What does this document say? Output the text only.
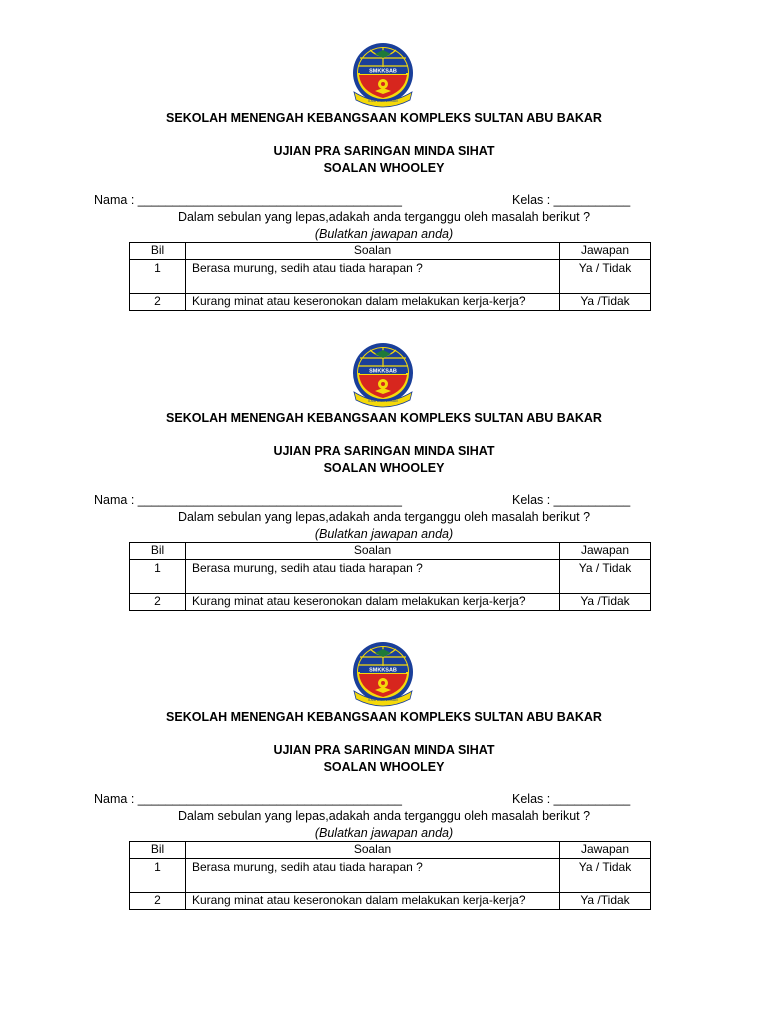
SMKKSAB
ILMU DIBENARKAN
SEKOLAH MENENGAH KEBANGSAAN KOMPLEKS SULTAN ABU BAKAR
UJIAN PRA SARINGAN MINDA SIHAT
SOALAN WHOOLEY
Nama : ______________________________________	Kelas : ___________
Dalam sebulan yang lepas,adakah anda terganggu oleh masalah berikut ?
(Bulatkan jawapan anda)
Bil	Soalan	Jawapan
1	Berasa murung, sedih atau tiada harapan ?	Ya / Tidak
2	Kurang minat atau keseronokan dalam melakukan kerja-kerja?	Ya /Tidak
SMKKSAB
ILMU DIBENARKAN
SEKOLAH MENENGAH KEBANGSAAN KOMPLEKS SULTAN ABU BAKAR
UJIAN PRA SARINGAN MINDA SIHAT
SOALAN WHOOLEY
Nama : ______________________________________	Kelas : ___________
Dalam sebulan yang lepas,adakah anda terganggu oleh masalah berikut ?
(Bulatkan jawapan anda)
Bil	Soalan	Jawapan
1	Berasa murung, sedih atau tiada harapan ?	Ya / Tidak
2	Kurang minat atau keseronokan dalam melakukan kerja-kerja?	Ya /Tidak
SMKKSAB
ILMU DIBENARKAN
SEKOLAH MENENGAH KEBANGSAAN KOMPLEKS SULTAN ABU BAKAR
UJIAN PRA SARINGAN MINDA SIHAT
SOALAN WHOOLEY
Nama : ______________________________________	Kelas : ___________
Dalam sebulan yang lepas,adakah anda terganggu oleh masalah berikut ?
(Bulatkan jawapan anda)
Bil	Soalan	Jawapan
1	Berasa murung, sedih atau tiada harapan ?	Ya / Tidak
2	Kurang minat atau keseronokan dalam melakukan kerja-kerja?	Ya /Tidak
